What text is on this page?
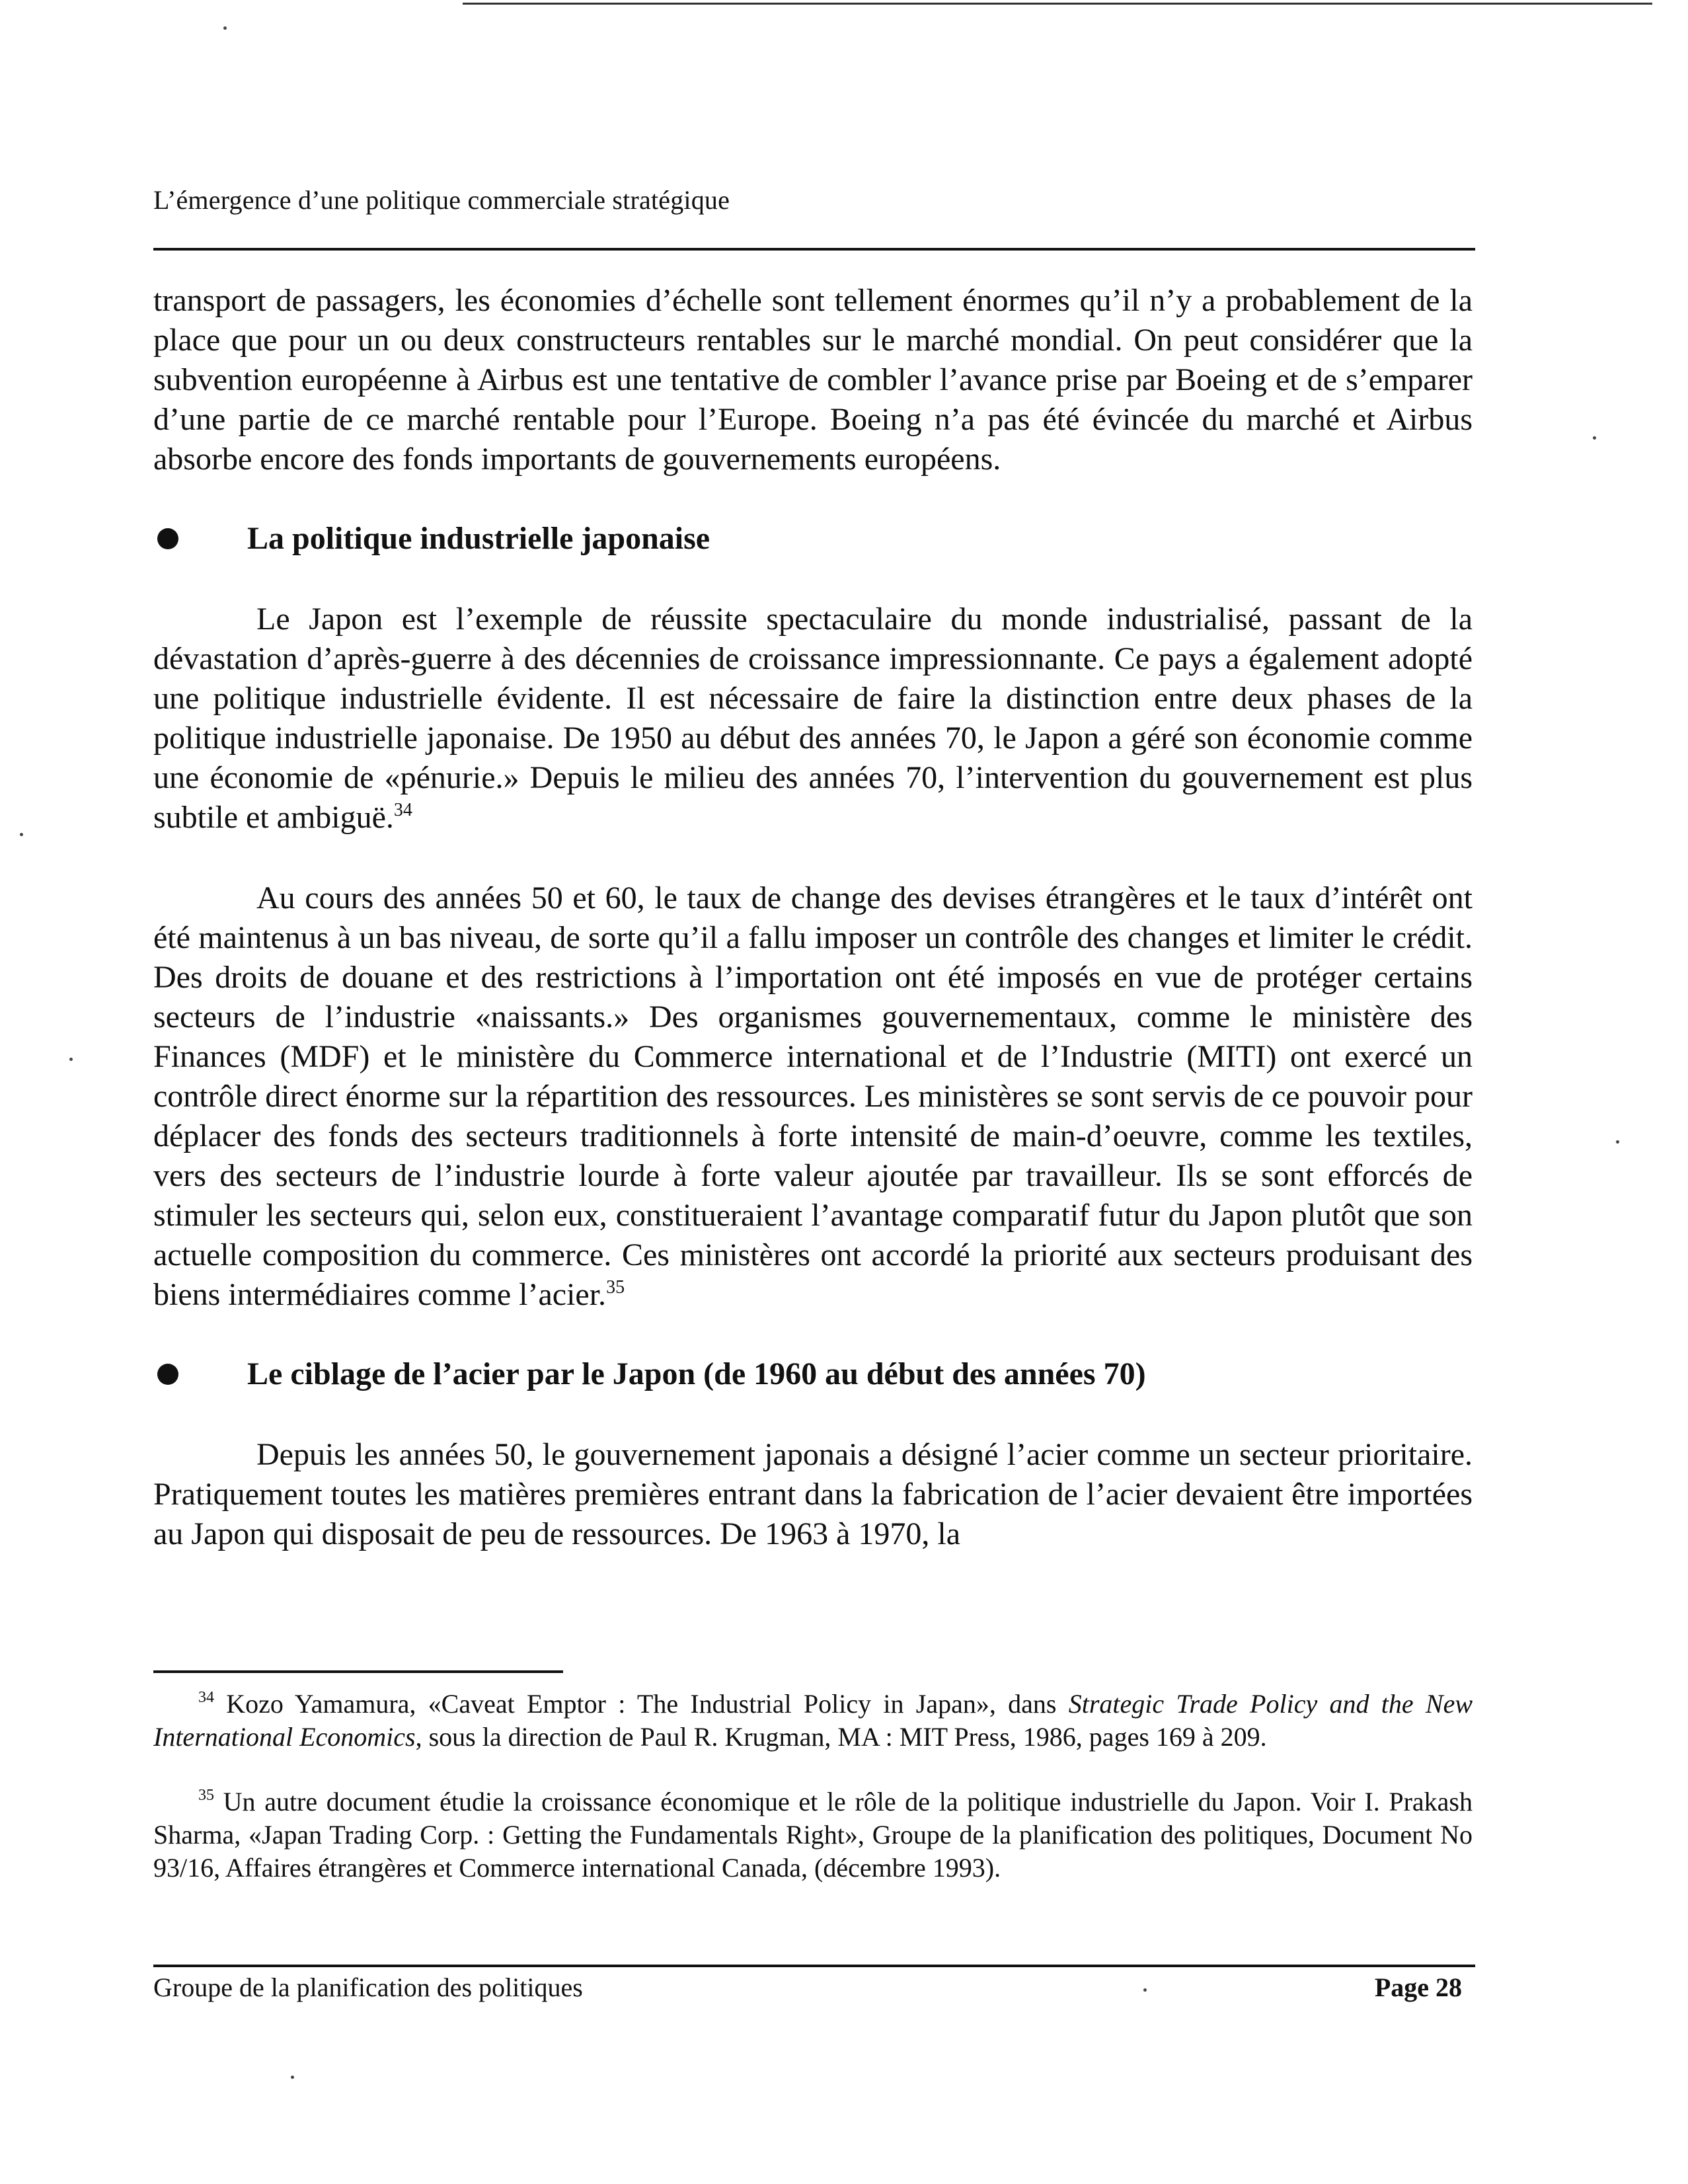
L’émergence d’une politique commerciale stratégique

transport de passagers, les économies d’échelle sont tellement énormes qu’il n’y a probablement de la place que pour un ou deux constructeurs rentables sur le marché mondial. On peut considérer que la subvention européenne à Airbus est une tentative de combler l’avance prise par Boeing et de s’emparer d’une partie de ce marché rentable pour l’Europe. Boeing n’a pas été évincée du marché et Airbus absorbe encore des fonds importants de gouvernements européens.

La politique industrielle japonaise

Le Japon est l’exemple de réussite spectaculaire du monde industrialisé, passant de la dévastation d’après-guerre à des décennies de croissance impressionnante. Ce pays a également adopté une politique industrielle évidente. Il est nécessaire de faire la distinction entre deux phases de la politique industrielle japonaise. De 1950 au début des années 70, le Japon a géré son économie comme une économie de «pénurie.» Depuis le milieu des années 70, l’intervention du gouvernement est plus subtile et ambiguë.$^{34}$

Au cours des années 50 et 60, le taux de change des devises étrangères et le taux d’intérêt ont été maintenus à un bas niveau, de sorte qu’il a fallu imposer un contrôle des changes et limiter le crédit. Des droits de douane et des restrictions à l’importation ont été imposés en vue de protéger certains secteurs de l’industrie «naissants.» Des organismes gouvernementaux, comme le ministère des Finances (MDF) et le ministère du Commerce international et de l’Industrie (MITI) ont exercé un contrôle direct énorme sur la répartition des ressources. Les ministères se sont servis de ce pouvoir pour déplacer des fonds des secteurs traditionnels à forte intensité de main-d’oeuvre, comme les textiles, vers des secteurs de l’industrie lourde à forte valeur ajoutée par travailleur. Ils se sont efforcés de stimuler les secteurs qui, selon eux, constitueraient l’avantage comparatif futur du Japon plutôt que son actuelle composition du commerce. Ces ministères ont accordé la priorité aux secteurs produisant des biens intermédiaires comme l’acier.$^{35}$

Le ciblage de l’acier par le Japon (de 1960 au début des années 70)

Depuis les années 50, le gouvernement japonais a désigné l’acier comme un secteur prioritaire. Pratiquement toutes les matières premières entrant dans la fabrication de l’acier devaient être importées au Japon qui disposait de peu de ressources. De 1963 à 1970, la

$^{34}$ Kozo Yamamura, «Caveat Emptor : The Industrial Policy in Japan», dans Strategic Trade Policy and the New International Economics, sous la direction de Paul R. Krugman, MA : MIT Press, 1986, pages 169 à 209.

$^{35}$ Un autre document étudie la croissance économique et le rôle de la politique industrielle du Japon. Voir I. Prakash Sharma, «Japan Trading Corp. : Getting the Fundamentals Right», Groupe de la planification des politiques, Document No 93/16, Affaires étrangères et Commerce international Canada, (décembre 1993).

Groupe de la planification des politiques	Page 28
